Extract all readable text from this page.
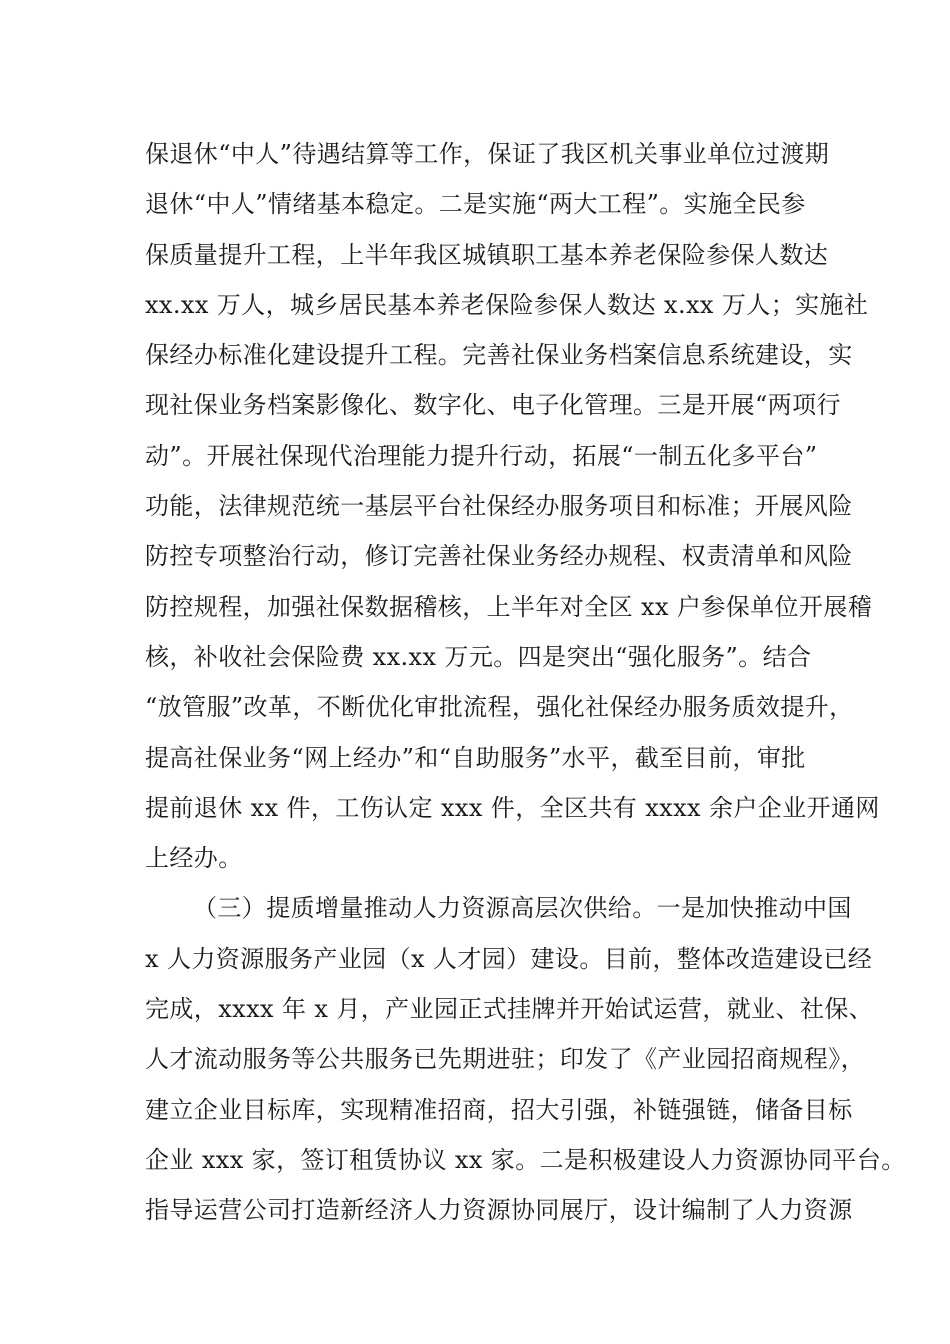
保退休“中人”待遇结算等工作，保证了我区机关事业单位过渡期
退休“中人”情绪基本稳定。二是实施“两大工程”。实施全民参
保质量提升工程，上半年我区城镇职工基本养老保险参保人数达
xx.xx 万人，城乡居民基本养老保险参保人数达 x.xx 万人；实施社
保经办标准化建设提升工程。完善社保业务档案信息系统建设，实
现社保业务档案影像化、数字化、电子化管理。三是开展“两项行
动”。开展社保现代治理能力提升行动，拓展“一制五化多平台”
功能，法律规范统一基层平台社保经办服务项目和标准；开展风险
防控专项整治行动，修订完善社保业务经办规程、权责清单和风险
防控规程，加强社保数据稽核，上半年对全区 xx 户参保单位开展稽
核，补收社会保险费 xx.xx 万元。四是突出“强化服务”。结合
“放管服”改革，不断优化审批流程，强化社保经办服务质效提升，
提高社保业务“网上经办”和“自助服务”水平，截至目前，审批
提前退休 xx 件，工伤认定 xxx 件，全区共有 xxxx 余户企业开通网
上经办。
（三）提质增量推动人力资源高层次供给。一是加快推动中国
x 人力资源服务产业园（x 人才园）建设。目前，整体改造建设已经
完成，xxxx 年 x 月，产业园正式挂牌并开始试运营，就业、社保、
人才流动服务等公共服务已先期进驻；印发了《产业园招商规程》，
建立企业目标库，实现精准招商，招大引强，补链强链，储备目标
企业 xxx 家，签订租赁协议 xx 家。二是积极建设人力资源协同平台。
指导运营公司打造新经济人力资源协同展厅，设计编制了人力资源
